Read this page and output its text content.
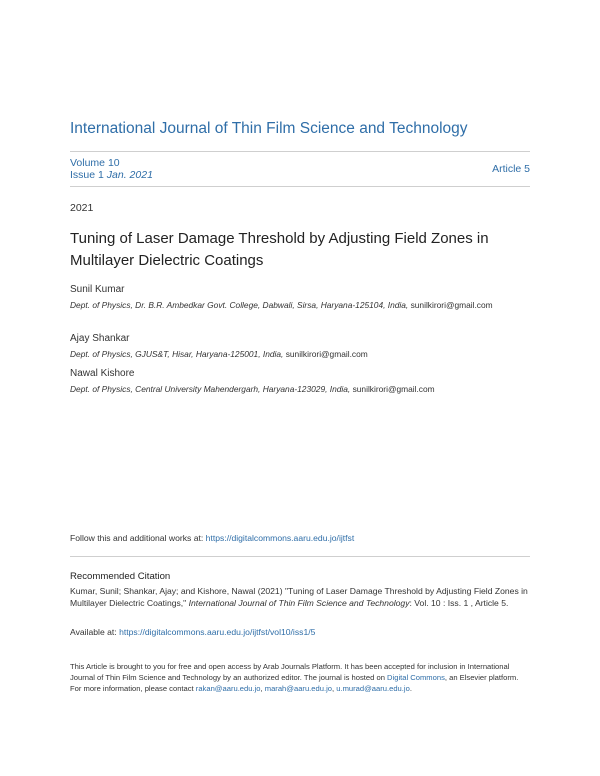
International Journal of Thin Film Science and Technology
Volume 10
Issue 1 Jan. 2021	Article 5
2021
Tuning of Laser Damage Threshold by Adjusting Field Zones in Multilayer Dielectric Coatings
Sunil Kumar
Dept. of Physics, Dr. B.R. Ambedkar Govt. College, Dabwali, Sirsa, Haryana-125104, India, sunilkirori@gmail.com
Ajay Shankar
Dept. of Physics, GJUS&T, Hisar, Haryana-125001, India, sunilkirori@gmail.com
Nawal Kishore
Dept. of Physics, Central University Mahendergarh, Haryana-123029, India, sunilkirori@gmail.com
Follow this and additional works at: https://digitalcommons.aaru.edu.jo/ijtfst
Recommended Citation
Kumar, Sunil; Shankar, Ajay; and Kishore, Nawal (2021) "Tuning of Laser Damage Threshold by Adjusting Field Zones in Multilayer Dielectric Coatings," International Journal of Thin Film Science and Technology: Vol. 10 : Iss. 1 , Article 5.
Available at: https://digitalcommons.aaru.edu.jo/ijtfst/vol10/iss1/5
This Article is brought to you for free and open access by Arab Journals Platform. It has been accepted for inclusion in International Journal of Thin Film Science and Technology by an authorized editor. The journal is hosted on Digital Commons, an Elsevier platform. For more information, please contact rakan@aaru.edu.jo, marah@aaru.edu.jo, u.murad@aaru.edu.jo.
